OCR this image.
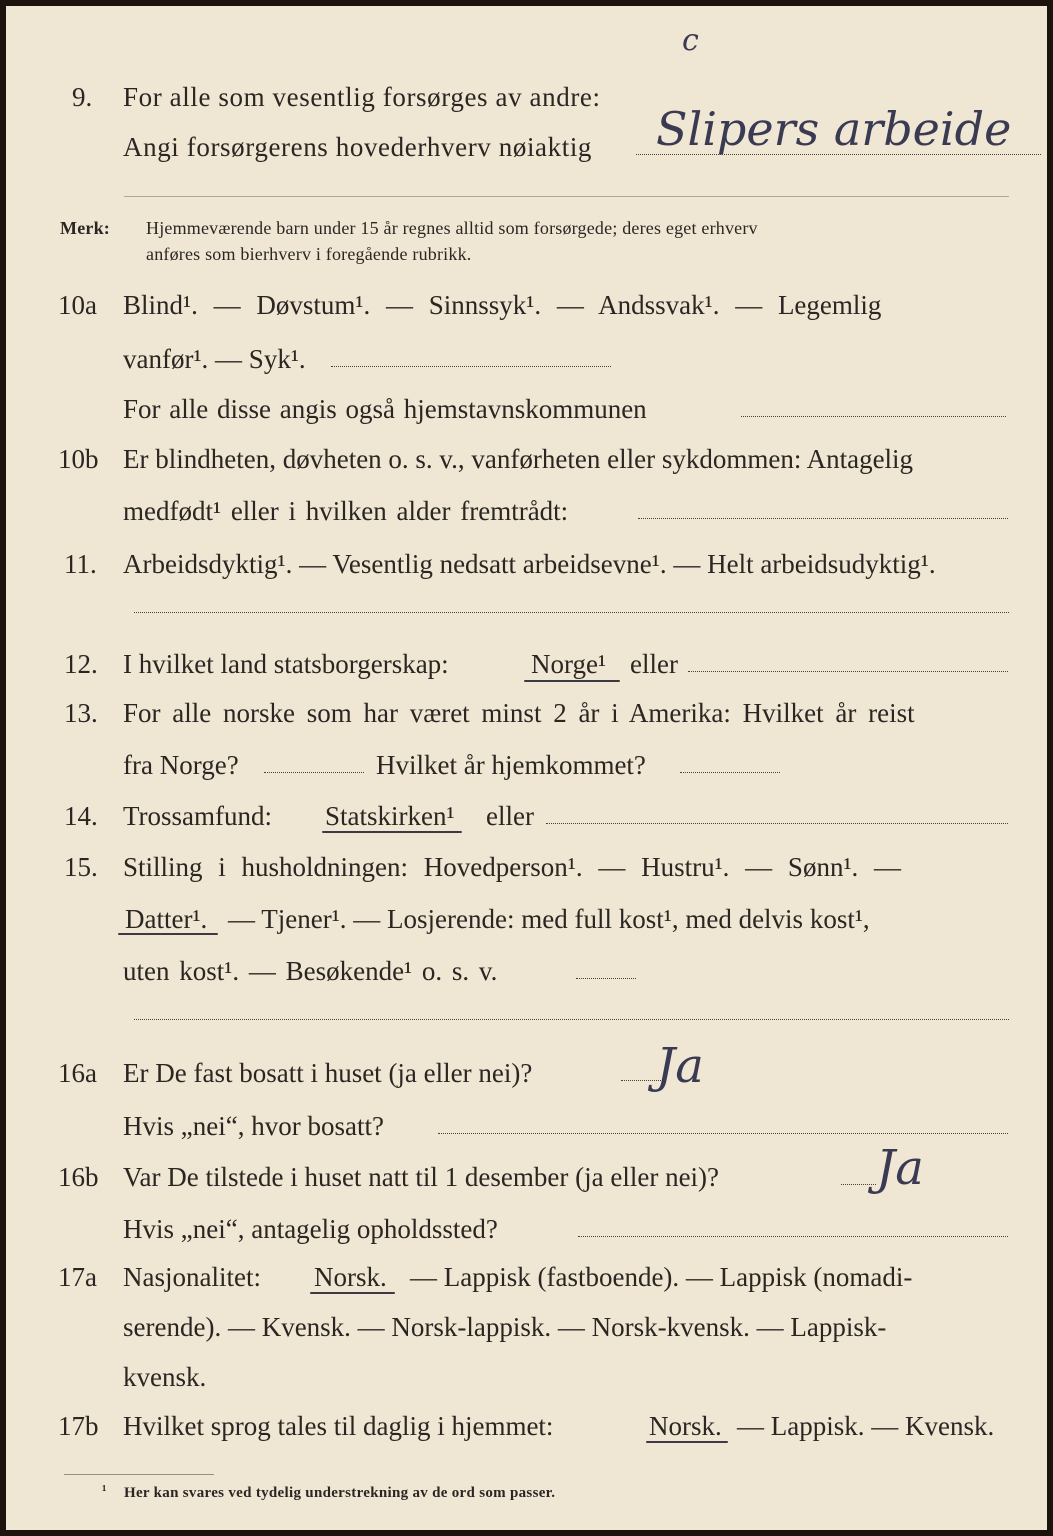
c
9. For alle som vesentlig forsørges av andre:
Angi forsørgerens hovederhverv nøiaktig Slipers arbeide
Merk: Hjemmeværende barn under 15 år regnes alltid som forsørgede; deres eget erhverv
anføres som bierhverv i foregående rubrikk.
10a Blind¹. — Døvstum¹. — Sinnssyk¹. — Andssvak¹. — Legemlig
vanfør¹. — Syk¹.
For alle disse angis også hjemstavnskommunen
10b Er blindheten, døvheten o. s. v., vanførheten eller sykdommen: Antagelig
medfødt¹ eller i hvilken alder fremtrådt:
11. Arbeidsdyktig¹. — Vesentlig nedsatt arbeidsevne¹. — Helt arbeidsudyktig¹.
12. I hvilket land statsborgerskap:	Norge¹ eller
13. For alle norske som har været minst 2 år i Amerika: Hvilket år reist
fra Norge?	Hvilket år hjemkommet?
14. Trossamfund: Statskirken¹ eller
15. Stilling i husholdningen: Hovedperson¹. — Hustru¹. — Sønn¹. —
Datter¹. — Tjener¹. — Losjerende: med full kost¹, med delvis kost¹,
uten kost¹. — Besøkende¹ o. s. v.
16a Er De fast bosatt i huset (ja eller nei)?	Ja
Hvis „nei“, hvor bosatt?
16b Var De tilstede i huset natt til 1 desember (ja eller nei)?	Ja
Hvis „nei“, antagelig opholdssted?
17a Nasjonalitet: Norsk. — Lappisk (fastboende). — Lappisk (nomadi-
serende). — Kvensk. — Norsk-lappisk. — Norsk-kvensk. — Lappisk-
kvensk.
17b Hvilket sprog tales til daglig i hjemmet:	Norsk. — Lappisk. — Kvensk.
¹ Her kan svares ved tydelig understrekning av de ord som passer.
